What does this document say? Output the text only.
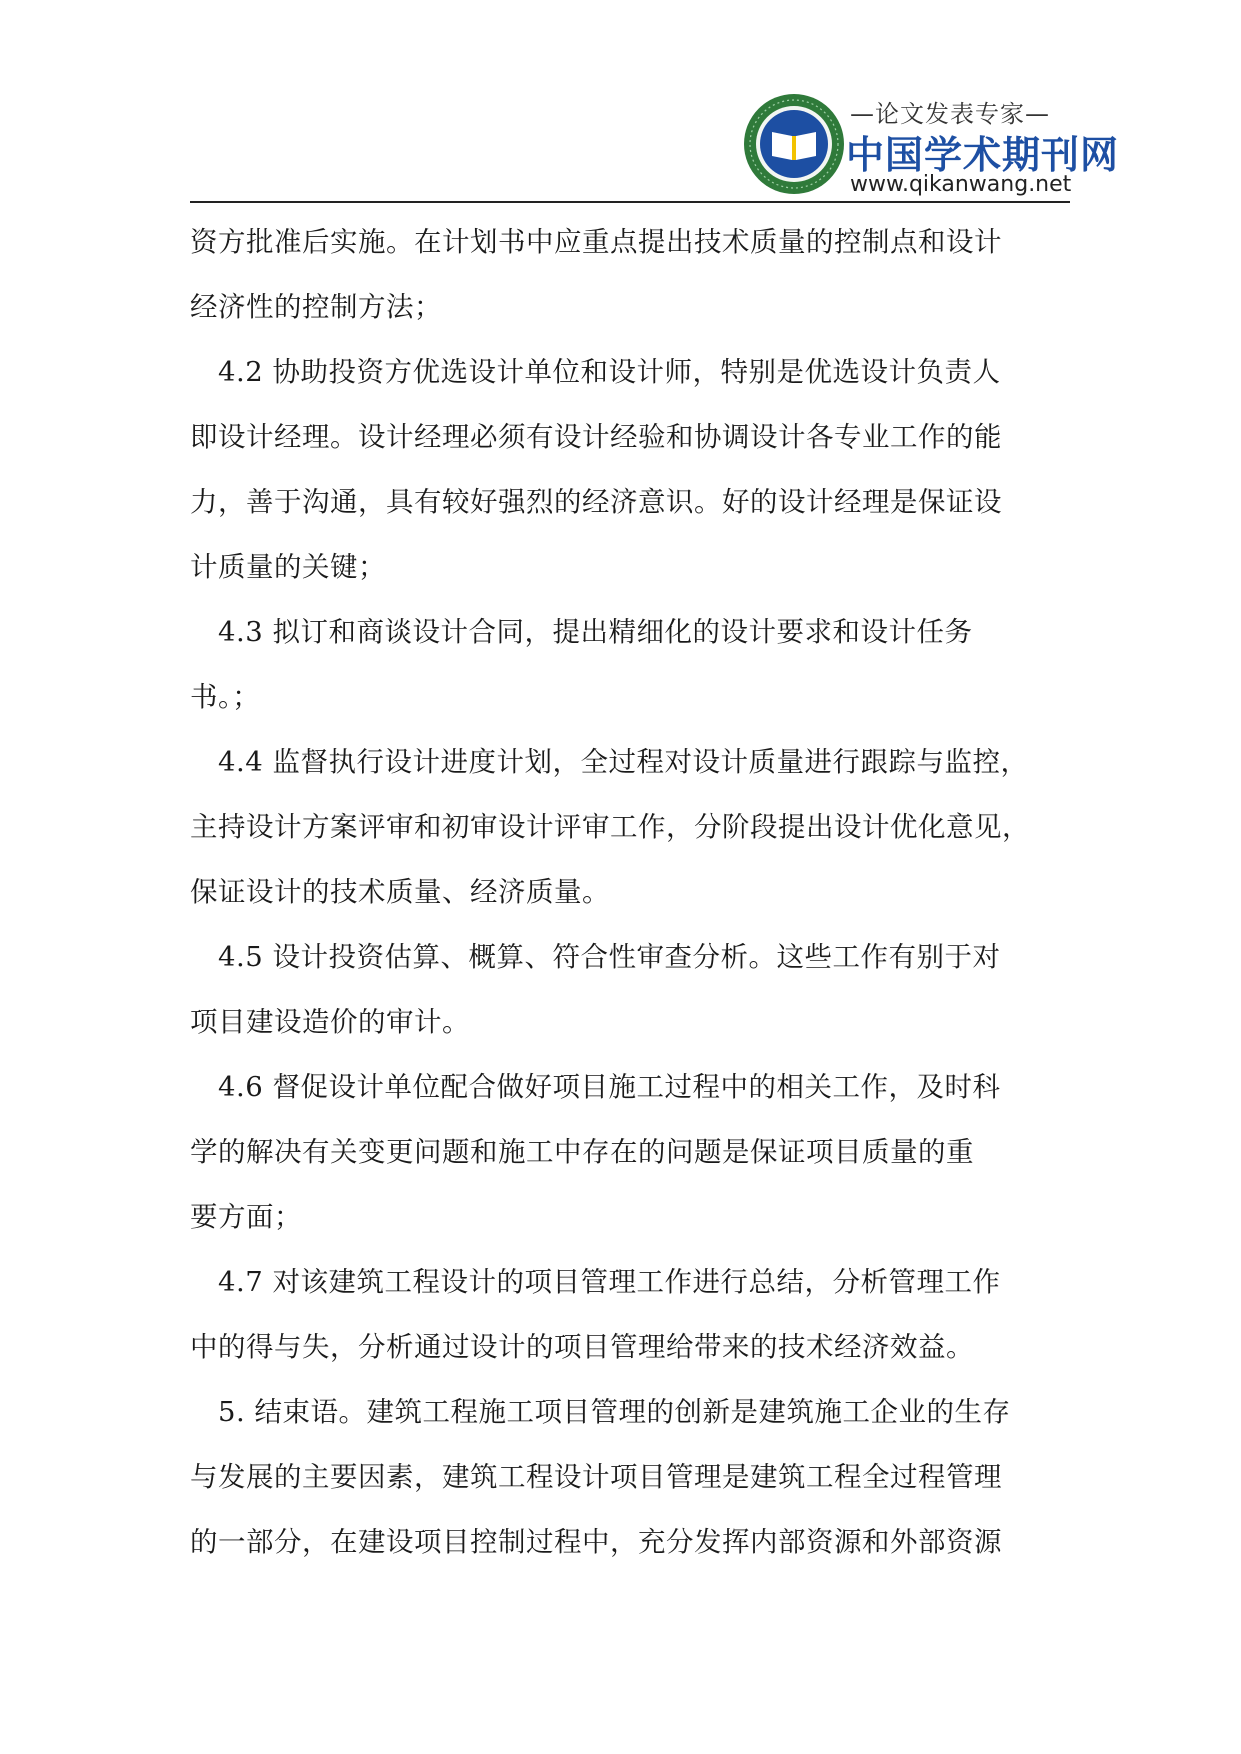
—论文发表专家—
中国学术期刊网
www.qikanwang.net
资方批准后实施。在计划书中应重点提出技术质量的控制点和设计
经济性的控制方法；
4.2 协助投资方优选设计单位和设计师，特别是优选设计负责人
即设计经理。设计经理必须有设计经验和协调设计各专业工作的能
力，善于沟通，具有较好强烈的经济意识。好的设计经理是保证设
计质量的关键；
4.3 拟订和商谈设计合同，提出精细化的设计要求和设计任务
书。；
4.4 监督执行设计进度计划，全过程对设计质量进行跟踪与监控，
主持设计方案评审和初审设计评审工作，分阶段提出设计优化意见，
保证设计的技术质量、经济质量。
4.5 设计投资估算、概算、符合性审查分析。这些工作有别于对
项目建设造价的审计。
4.6 督促设计单位配合做好项目施工过程中的相关工作，及时科
学的解决有关变更问题和施工中存在的问题是保证项目质量的重
要方面；
4.7 对该建筑工程设计的项目管理工作进行总结，分析管理工作
中的得与失，分析通过设计的项目管理给带来的技术经济效益。
5. 结束语。建筑工程施工项目管理的创新是建筑施工企业的生存
与发展的主要因素，建筑工程设计项目管理是建筑工程全过程管理
的一部分，在建设项目控制过程中，充分发挥内部资源和外部资源
